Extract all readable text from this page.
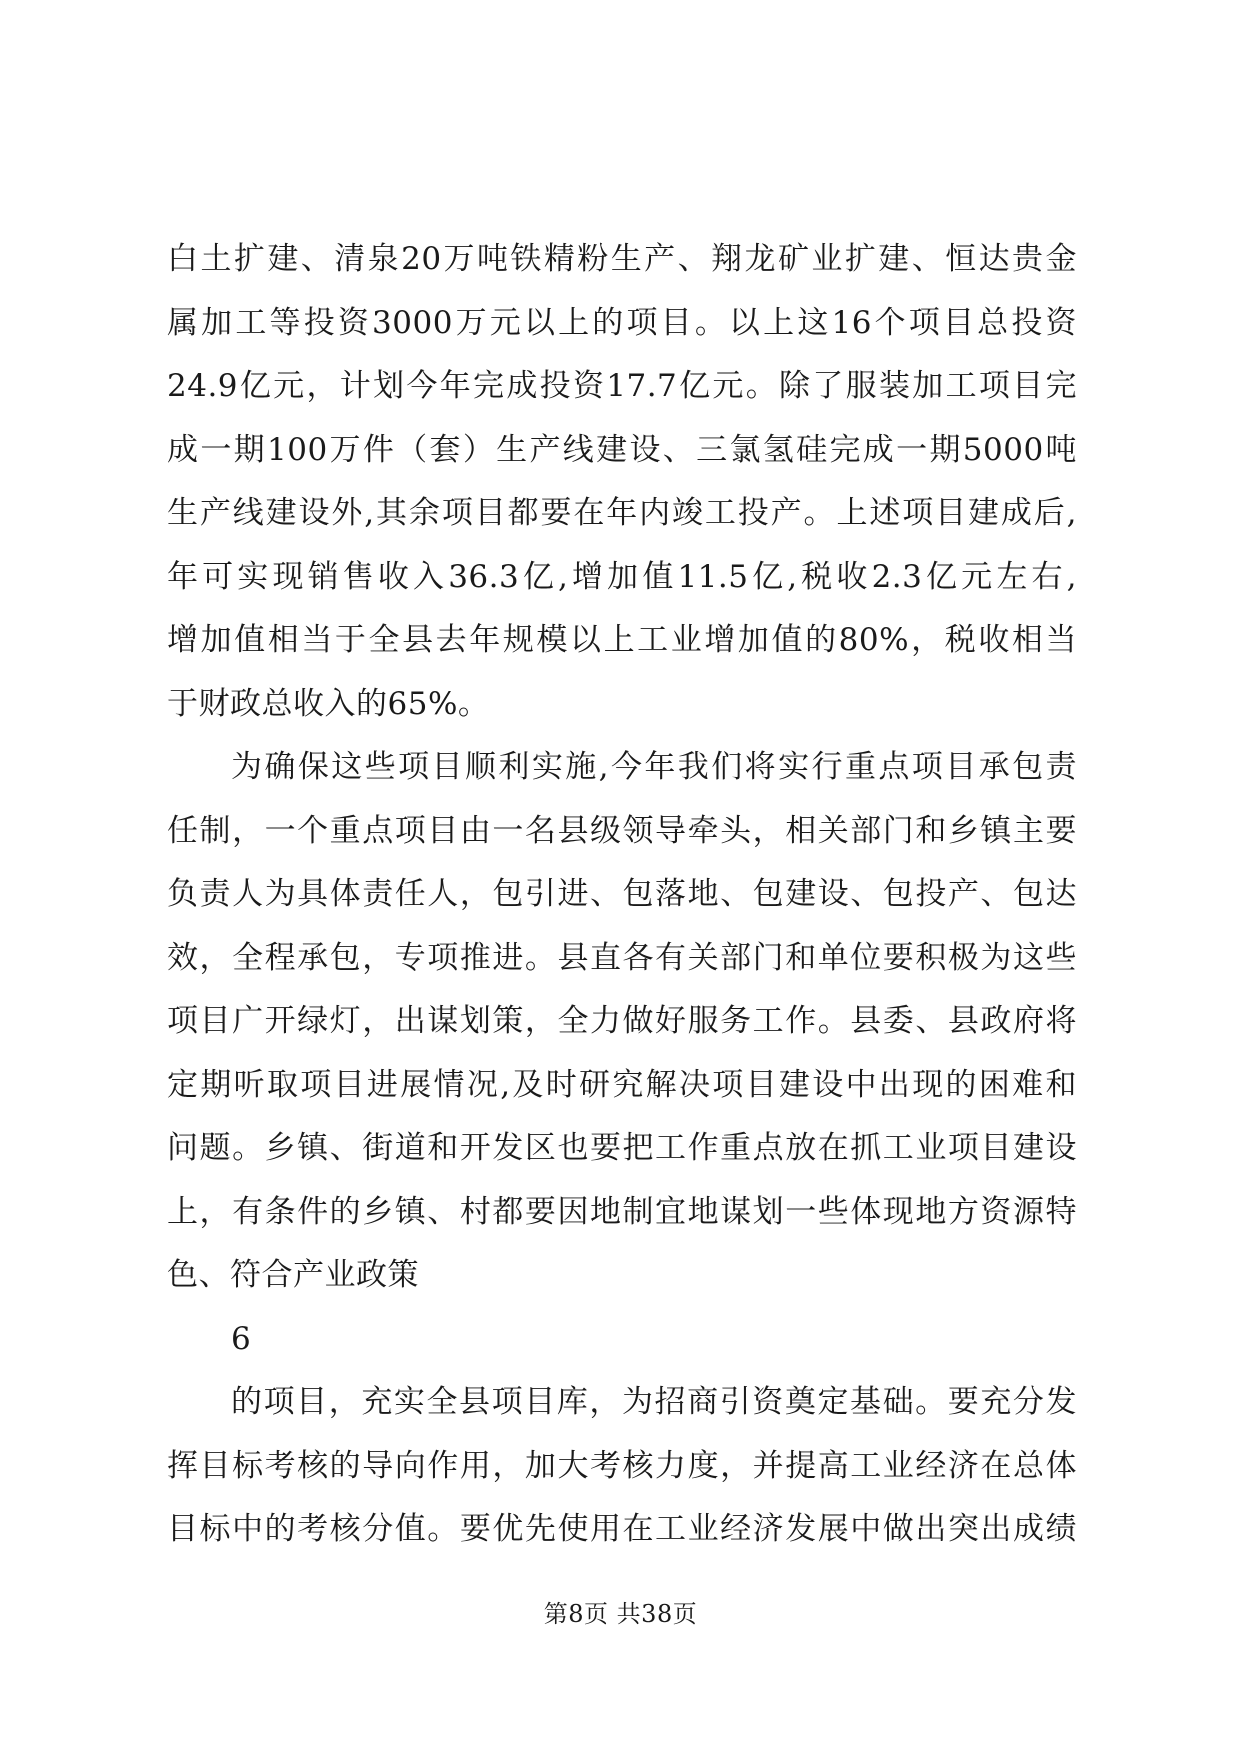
白土扩建、清泉20万吨铁精粉生产、翔龙矿业扩建、恒达贵金
属加工等投资3000万元以上的项目。以上这16个项目总投资
24.9亿元，计划今年完成投资17.7亿元。除了服装加工项目完
成一期100万件（套）生产线建设、三氯氢硅完成一期5000吨
生产线建设外,其余项目都要在年内竣工投产。上述项目建成后,
年可实现销售收入36.3亿,增加值11.5亿,税收2.3亿元左右,
增加值相当于全县去年规模以上工业增加值的80%，税收相当
于财政总收入的65%。
为确保这些项目顺利实施,今年我们将实行重点项目承包责
任制，一个重点项目由一名县级领导牵头，相关部门和乡镇主要
负责人为具体责任人，包引进、包落地、包建设、包投产、包达
效，全程承包，专项推进。县直各有关部门和单位要积极为这些
项目广开绿灯，出谋划策，全力做好服务工作。县委、县政府将
定期听取项目进展情况,及时研究解决项目建设中出现的困难和
问题。乡镇、街道和开发区也要把工作重点放在抓工业项目建设
上，有条件的乡镇、村都要因地制宜地谋划一些体现地方资源特
色、符合产业政策
6
的项目，充实全县项目库，为招商引资奠定基础。要充分发
挥目标考核的导向作用，加大考核力度，并提高工业经济在总体
目标中的考核分值。要优先使用在工业经济发展中做出突出成绩
第8页 共38页
